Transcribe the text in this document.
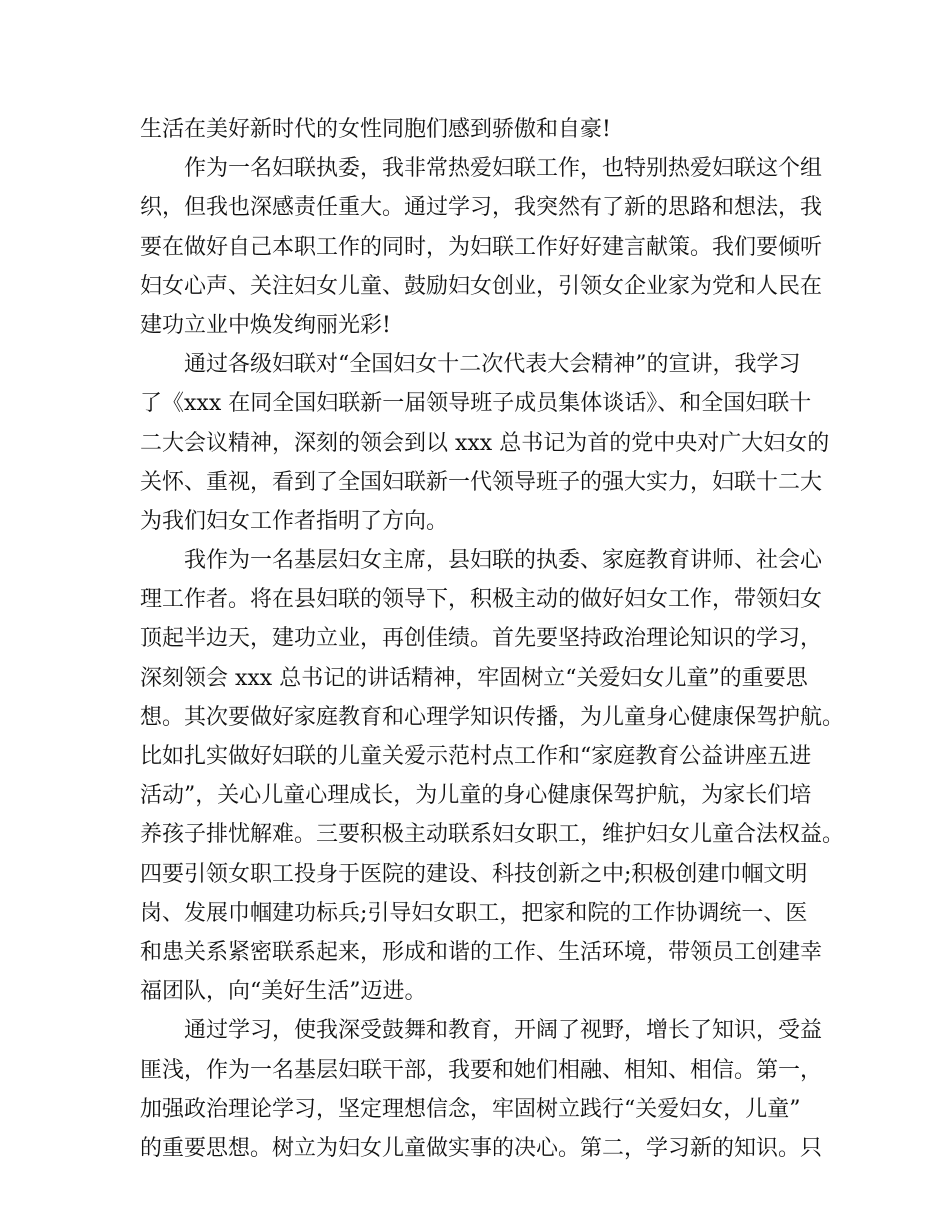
生活在美好新时代的女性同胞们感到骄傲和自豪!
　　作为一名妇联执委，我非常热爱妇联工作，也特别热爱妇联这个组
织，但我也深感责任重大。通过学习，我突然有了新的思路和想法，我
要在做好自己本职工作的同时，为妇联工作好好建言献策。我们要倾听
妇女心声、关注妇女儿童、鼓励妇女创业，引领女企业家为党和人民在
建功立业中焕发绚丽光彩!
　　通过各级妇联对“全国妇女十二次代表大会精神”的宣讲，我学习
了《xxx 在同全国妇联新一届领导班子成员集体谈话》、和全国妇联十
二大会议精神，深刻的领会到以 xxx 总书记为首的党中央对广大妇女的
关怀、重视，看到了全国妇联新一代领导班子的强大实力，妇联十二大
为我们妇女工作者指明了方向。
　　我作为一名基层妇女主席，县妇联的执委、家庭教育讲师、社会心
理工作者。将在县妇联的领导下，积极主动的做好妇女工作，带领妇女
顶起半边天，建功立业，再创佳绩。首先要坚持政治理论知识的学习，
深刻领会 xxx 总书记的讲话精神，牢固树立“关爱妇女儿童”的重要思
想。其次要做好家庭教育和心理学知识传播，为儿童身心健康保驾护航。
比如扎实做好妇联的儿童关爱示范村点工作和“家庭教育公益讲座五进
活动”，关心儿童心理成长，为儿童的身心健康保驾护航，为家长们培
养孩子排忧解难。三要积极主动联系妇女职工，维护妇女儿童合法权益。
四要引领女职工投身于医院的建设、科技创新之中;积极创建巾帼文明
岗、发展巾帼建功标兵;引导妇女职工，把家和院的工作协调统一、医
和患关系紧密联系起来，形成和谐的工作、生活环境，带领员工创建幸
福团队，向“美好生活”迈进。
　　通过学习，使我深受鼓舞和教育，开阔了视野，增长了知识，受益
匪浅，作为一名基层妇联干部，我要和她们相融、相知、相信。第一，
加强政治理论学习，坚定理想信念，牢固树立践行“关爱妇女，儿童”
的重要思想。树立为妇女儿童做实事的决心。第二，学习新的知识。只
